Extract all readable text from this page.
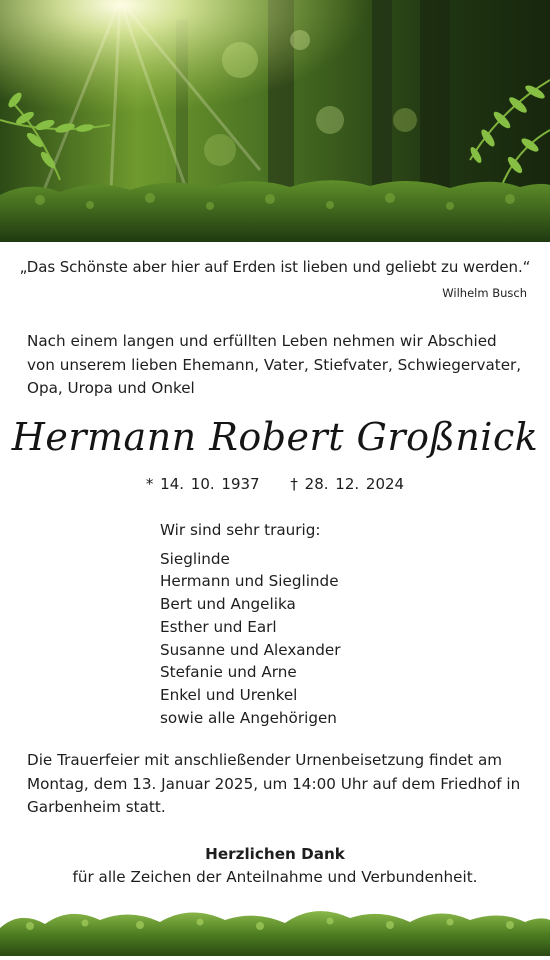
„Das Schönste aber hier auf Erden ist lieben und geliebt zu werden.“
Wilhelm Busch
Nach einem langen und erfüllten Leben nehmen wir Abschied von unserem lieben Ehemann, Vater, Stiefvater, Schwiegervater, Opa, Uropa und Onkel
Hermann Robert Großnick
* 14. 10. 1937 † 28. 12. 2024
Wir sind sehr traurig:
Sieglinde
Hermann und Sieglinde
Bert und Angelika
Esther und Earl
Susanne und Alexander
Stefanie und Arne
Enkel und Urenkel
sowie alle Angehörigen
Die Trauerfeier mit anschließender Urnenbeisetzung findet am Montag, dem 13. Januar 2025, um 14:00 Uhr auf dem Friedhof in Garbenheim statt.
Herzlichen Dank
für alle Zeichen der Anteilnahme und Verbundenheit.
